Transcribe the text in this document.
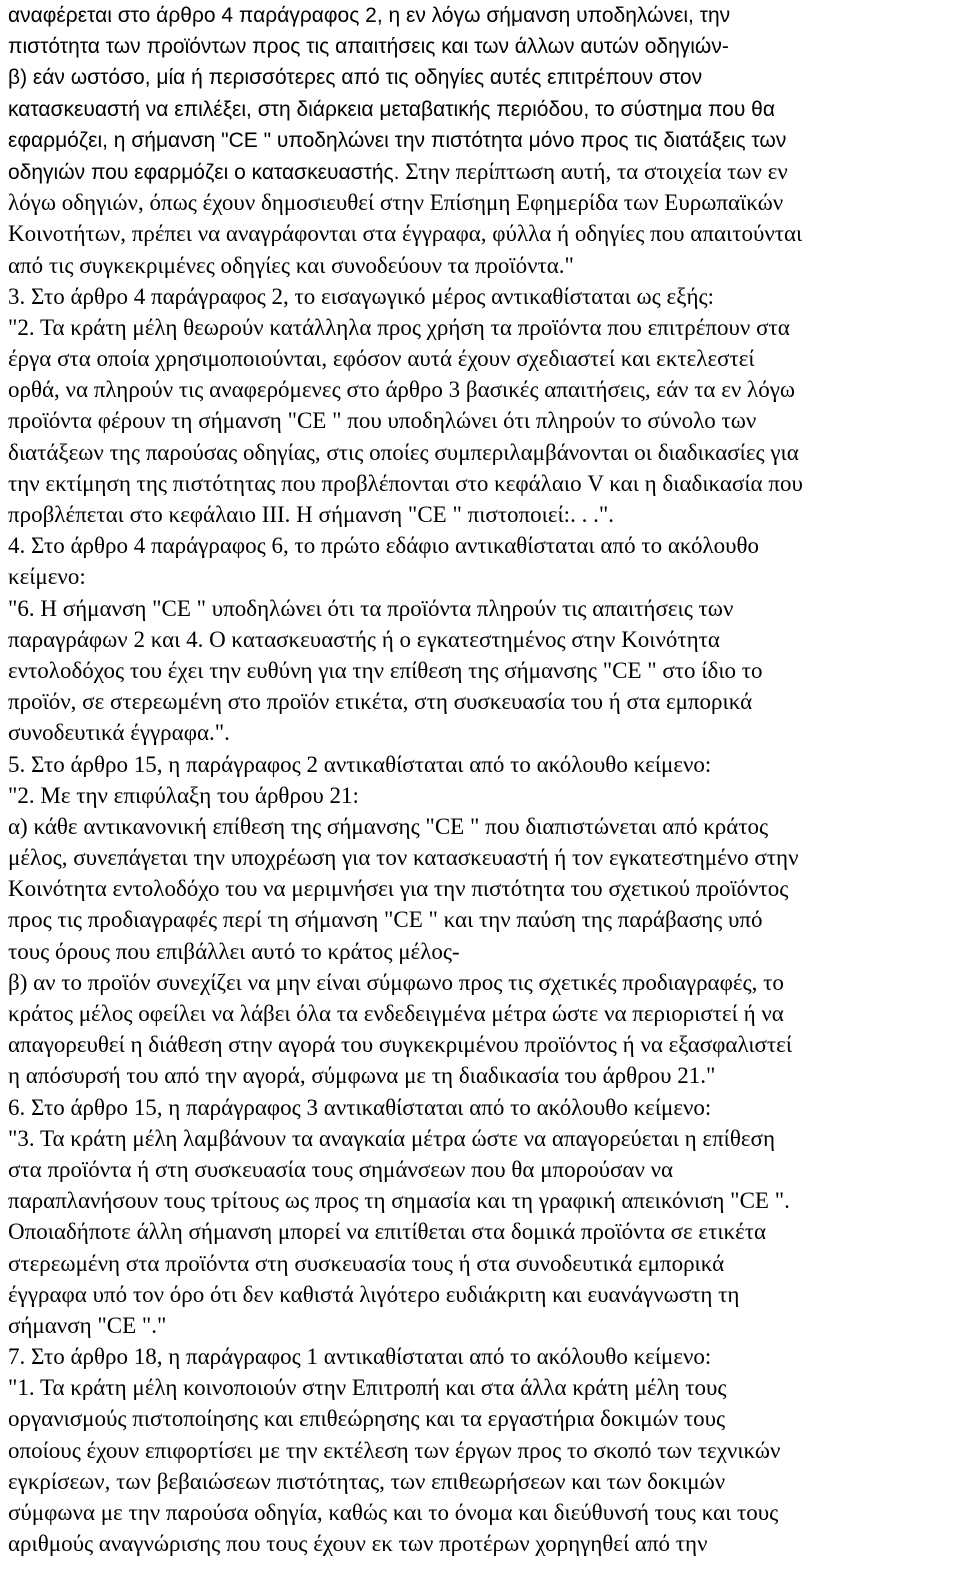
αναφέρεται στο άρθρο 4 παράγραφος 2, η εν λόγω σήμανση υποδηλώνει, την
πιστότητα των προϊόντων προς τις απαιτήσεις και των άλλων αυτών οδηγιών-
β) εάν ωστόσο, μία ή περισσότερες από τις οδηγίες αυτές επιτρέπουν στον
κατασκευαστή να επιλέξει, στη διάρκεια μεταβατικής περιόδου, το σύστημα που θα
εφαρμόζει, η σήμανση "CE " υποδηλώνει την πιστότητα μόνο προς τις διατάξεις των
οδηγιών που εφαρμόζει ο κατασκευαστής. Στην περίπτωση αυτή, τα στοιχεία των εν
λόγω οδηγιών, όπως έχουν δημοσιευθεί στην Επίσημη Εφημερίδα των Ευρωπαϊκών
Κοινοτήτων, πρέπει να αναγράφονται στα έγγραφα, φύλλα ή οδηγίες που απαιτούνται
από τις συγκεκριμένες οδηγίες και συνοδεύουν τα προϊόντα."
3. Στο άρθρο 4 παράγραφος 2, το εισαγωγικό μέρος αντικαθίσταται ως εξής:
"2. Τα κράτη μέλη θεωρούν κατάλληλα προς χρήση τα προϊόντα που επιτρέπουν στα
έργα στα οποία χρησιμοποιούνται, εφόσον αυτά έχουν σχεδιαστεί και εκτελεστεί
ορθά, να πληρούν τις αναφερόμενες στο άρθρο 3 βασικές απαιτήσεις, εάν τα εν λόγω
προϊόντα φέρουν τη σήμανση "CE " που υποδηλώνει ότι πληρούν το σύνολο των
διατάξεων της παρούσας οδηγίας, στις οποίες συμπεριλαμβάνονται οι διαδικασίες για
την εκτίμηση της πιστότητας που προβλέπονται στο κεφάλαιο V και η διαδικασία που
προβλέπεται στο κεφάλαιο ΙΙΙ. Η σήμανση "CE " πιστοποιεί:. . .".
4. Στο άρθρο 4 παράγραφος 6, το πρώτο εδάφιο αντικαθίσταται από το ακόλουθο
κείμενο:
"6. Η σήμανση "CE " υποδηλώνει ότι τα προϊόντα πληρούν τις απαιτήσεις των
παραγράφων 2 και 4. Ο κατασκευαστής ή ο εγκατεστημένος στην Κοινότητα
εντολοδόχος του έχει την ευθύνη για την επίθεση της σήμανσης "CE " στο ίδιο το
προϊόν, σε στερεωμένη στο προϊόν ετικέτα, στη συσκευασία του ή στα εμπορικά
συνοδευτικά έγγραφα.".
5. Στο άρθρο 15, η παράγραφος 2 αντικαθίσταται από το ακόλουθο κείμενο:
"2. Με την επιφύλαξη του άρθρου 21:
α) κάθε αντικανονική επίθεση της σήμανσης "CE " που διαπιστώνεται από κράτος
μέλος, συνεπάγεται την υποχρέωση για τον κατασκευαστή ή τον εγκατεστημένο στην
Κοινότητα εντολοδόχο του να μεριμνήσει για την πιστότητα του σχετικού προϊόντος
προς τις προδιαγραφές περί τη σήμανση "CE " και την παύση της παράβασης υπό
τους όρους που επιβάλλει αυτό το κράτος μέλος-
β) αν το προϊόν συνεχίζει να μην είναι σύμφωνο προς τις σχετικές προδιαγραφές, το
κράτος μέλος οφείλει να λάβει όλα τα ενδεδειγμένα μέτρα ώστε να περιοριστεί ή να
απαγορευθεί η διάθεση στην αγορά του συγκεκριμένου προϊόντος ή να εξασφαλιστεί
η απόσυρσή του από την αγορά, σύμφωνα με τη διαδικασία του άρθρου 21."
6. Στο άρθρο 15, η παράγραφος 3 αντικαθίσταται από το ακόλουθο κείμενο:
"3. Τα κράτη μέλη λαμβάνουν τα αναγκαία μέτρα ώστε να απαγορεύεται η επίθεση
στα προϊόντα ή στη συσκευασία τους σημάνσεων που θα μπορούσαν να
παραπλανήσουν τους τρίτους ως προς τη σημασία και τη γραφική απεικόνιση "CE ".
Οποιαδήποτε άλλη σήμανση μπορεί να επιτίθεται στα δομικά προϊόντα σε ετικέτα
στερεωμένη στα προϊόντα στη συσκευασία τους ή στα συνοδευτικά εμπορικά
έγγραφα υπό τον όρο ότι δεν καθιστά λιγότερο ευδιάκριτη και ευανάγνωστη τη
σήμανση "CE "."
7. Στο άρθρο 18, η παράγραφος 1 αντικαθίσταται από το ακόλουθο κείμενο:
"1. Τα κράτη μέλη κοινοποιούν στην Επιτροπή και στα άλλα κράτη μέλη τους
οργανισμούς πιστοποίησης και επιθεώρησης και τα εργαστήρια δοκιμών τους
οποίους έχουν επιφορτίσει με την εκτέλεση των έργων προς το σκοπό των τεχνικών
εγκρίσεων, των βεβαιώσεων πιστότητας, των επιθεωρήσεων και των δοκιμών
σύμφωνα με την παρούσα οδηγία, καθώς και το όνομα και διεύθυνσή τους και τους
αριθμούς αναγνώρισης που τους έχουν εκ των προτέρων χορηγηθεί από την
